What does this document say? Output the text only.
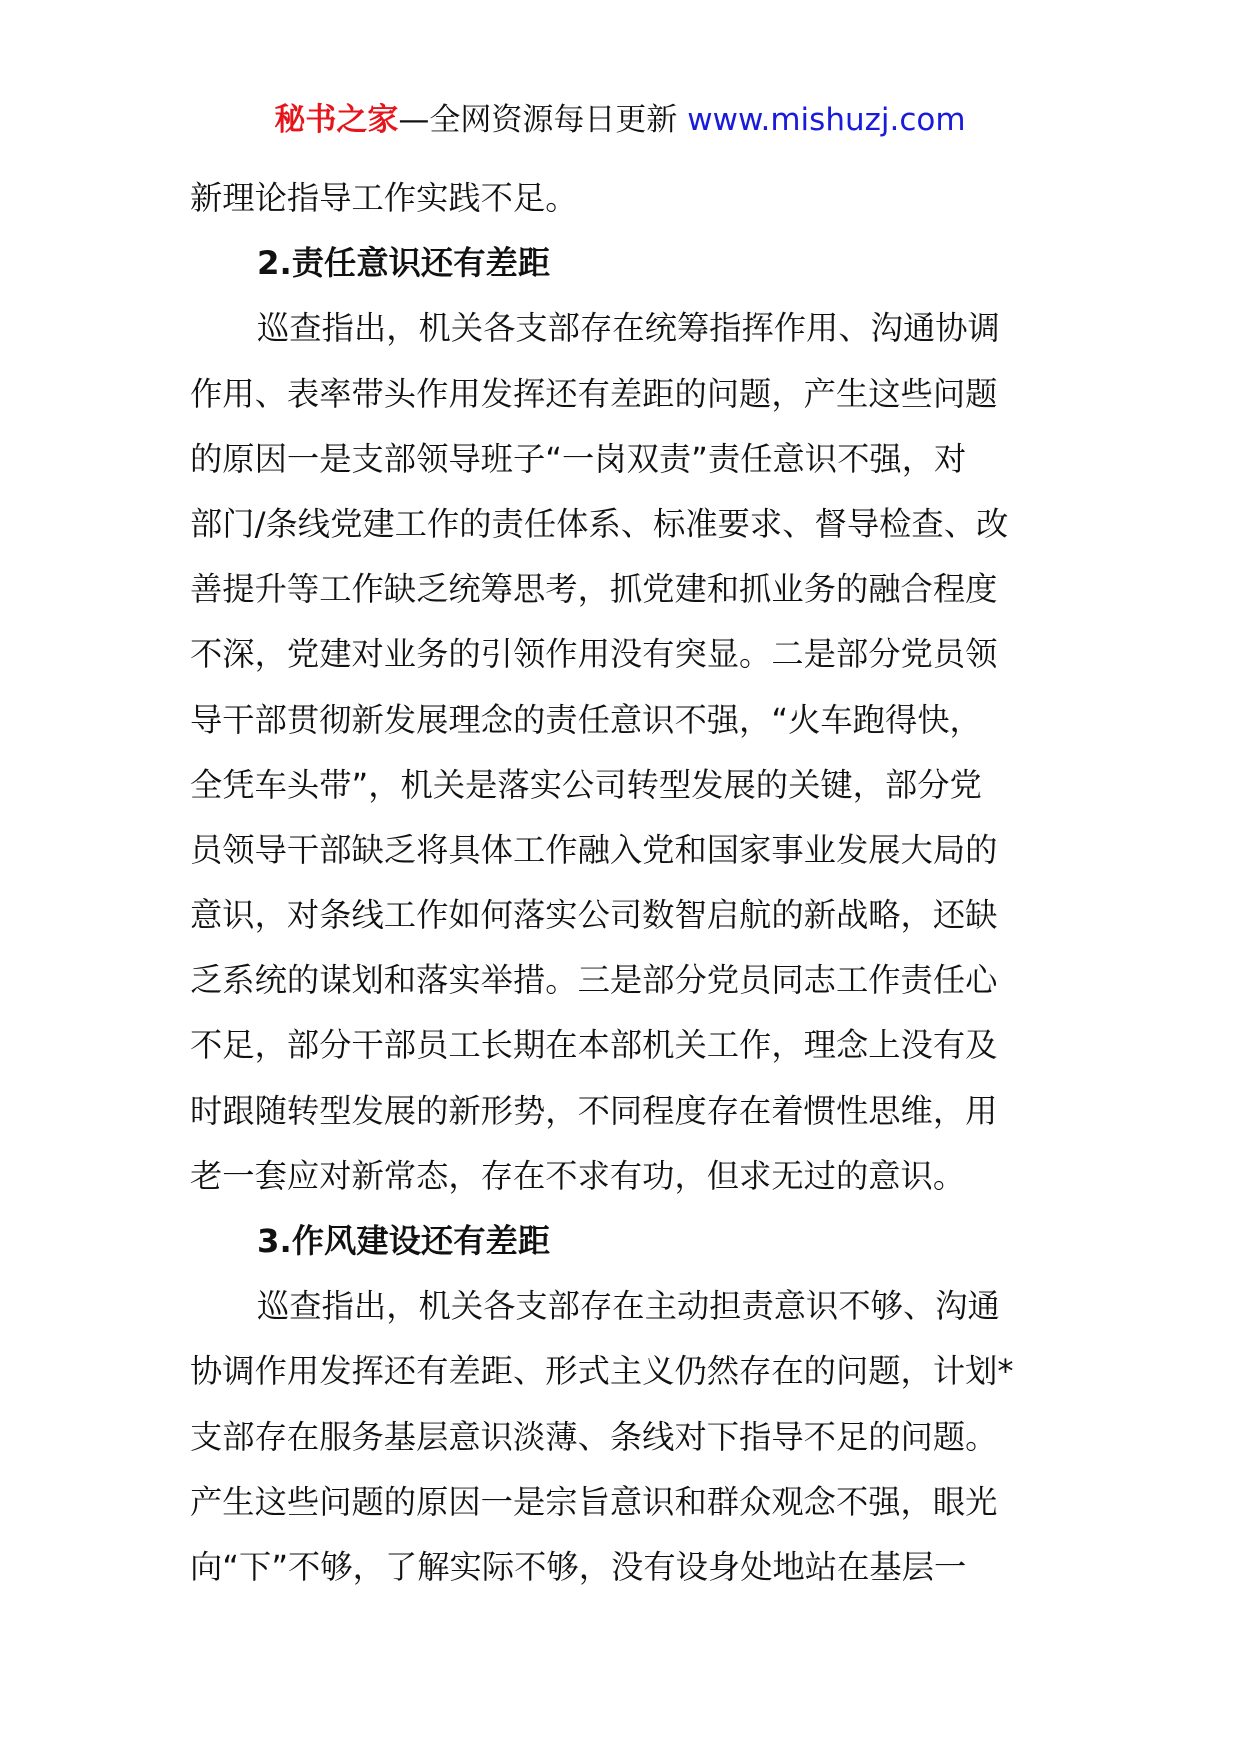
秘书之家—全网资源每日更新 www.mishuzj.com
新理论指导工作实践不足。
2.责任意识还有差距
巡查指出，机关各支部存在统筹指挥作用、沟通协调
作用、表率带头作用发挥还有差距的问题，产生这些问题
的原因一是支部领导班子“一岗双责”责任意识不强，对
部门/条线党建工作的责任体系、标准要求、督导检查、改
善提升等工作缺乏统筹思考，抓党建和抓业务的融合程度
不深，党建对业务的引领作用没有突显。二是部分党员领
导干部贯彻新发展理念的责任意识不强，“火车跑得快，
全凭车头带”，机关是落实公司转型发展的关键，部分党
员领导干部缺乏将具体工作融入党和国家事业发展大局的
意识，对条线工作如何落实公司数智启航的新战略，还缺
乏系统的谋划和落实举措。三是部分党员同志工作责任心
不足，部分干部员工长期在本部机关工作，理念上没有及
时跟随转型发展的新形势，不同程度存在着惯性思维，用
老一套应对新常态，存在不求有功，但求无过的意识。
3.作风建设还有差距
巡查指出，机关各支部存在主动担责意识不够、沟通
协调作用发挥还有差距、形式主义仍然存在的问题，计划*
支部存在服务基层意识淡薄、条线对下指导不足的问题。
产生这些问题的原因一是宗旨意识和群众观念不强，眼光
向“下”不够，了解实际不够，没有设身处地站在基层一
